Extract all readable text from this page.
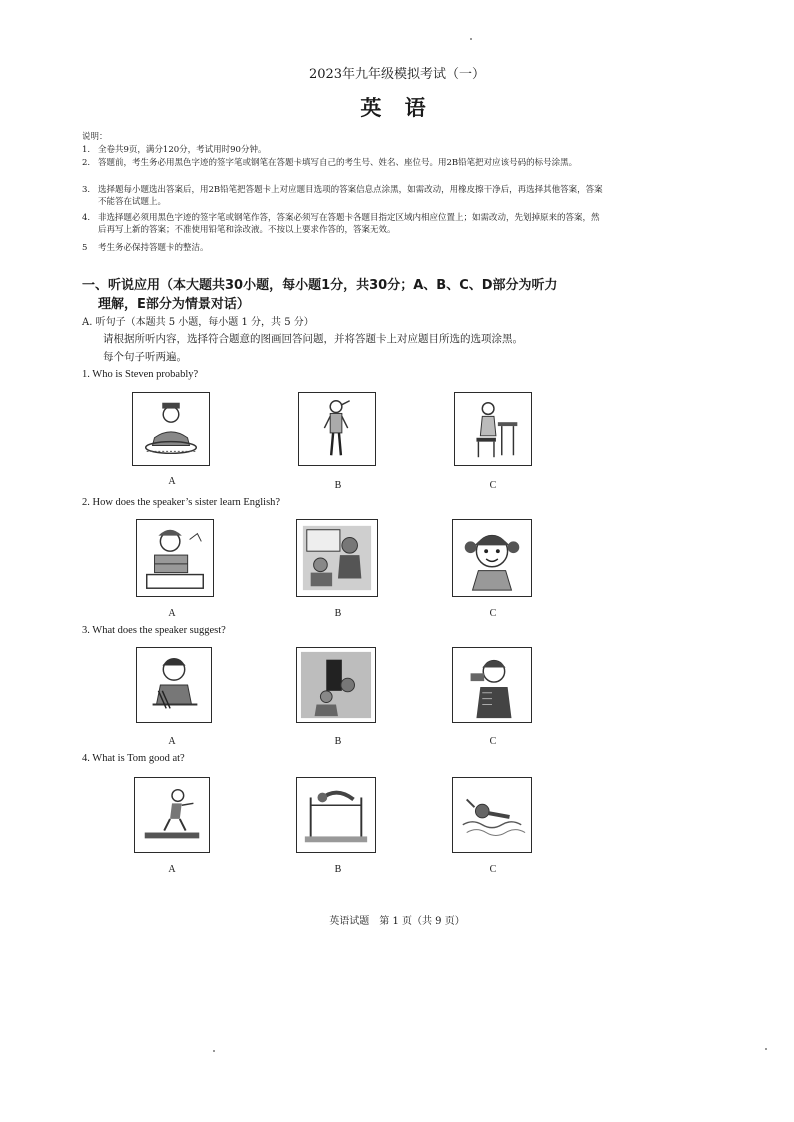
2023年九年级模拟考试（一）
英 语
说明：
1. 全卷共9页，满分120分，考试用时90分钟。
2. 答题前，考生务必用黑色字迹的签字笔或钢笔在答题卡填写自己的考生号、姓名、座位号。用2B铅笔把对应该号码的标号涂黑。
3. 选择题每小题选出答案后，用2B铅笔把答题卡上对应题目选项的答案信息点涂黑，如需改动，用橡皮擦干净后，再选择其他答案，答案不能答在试题上。
4. 非选择题必须用黑色字迹的签字笔或钢笔作答，答案必须写在答题卡各题目指定区域内相应位置上；如需改动，先划掉原来的答案，然后再写上新的答案；不准使用铅笔和涂改液。不按以上要求作答的，答案无效。
5 考生务必保持答题卡的整洁。
一、听说应用（本大题共30小题，每小题1分，共30分；A、B、C、D部分为听力
理解，E部分为情景对话）
A. 听句子（本题共 5 小题，每小题 1 分，共 5 分）
请根据所听内容，选择符合题意的图画回答问题，并将答题卡上对应题目所选的选项涂黑。
每个句子听两遍。
1. Who is Steven probably?
A	B	C
2. How does the speaker’s sister learn English?
A	B	C
3. What does the speaker suggest?
A	B	C
4. What is Tom good at?
A	B	C
英语试题　第 1 页（共 9 页）
